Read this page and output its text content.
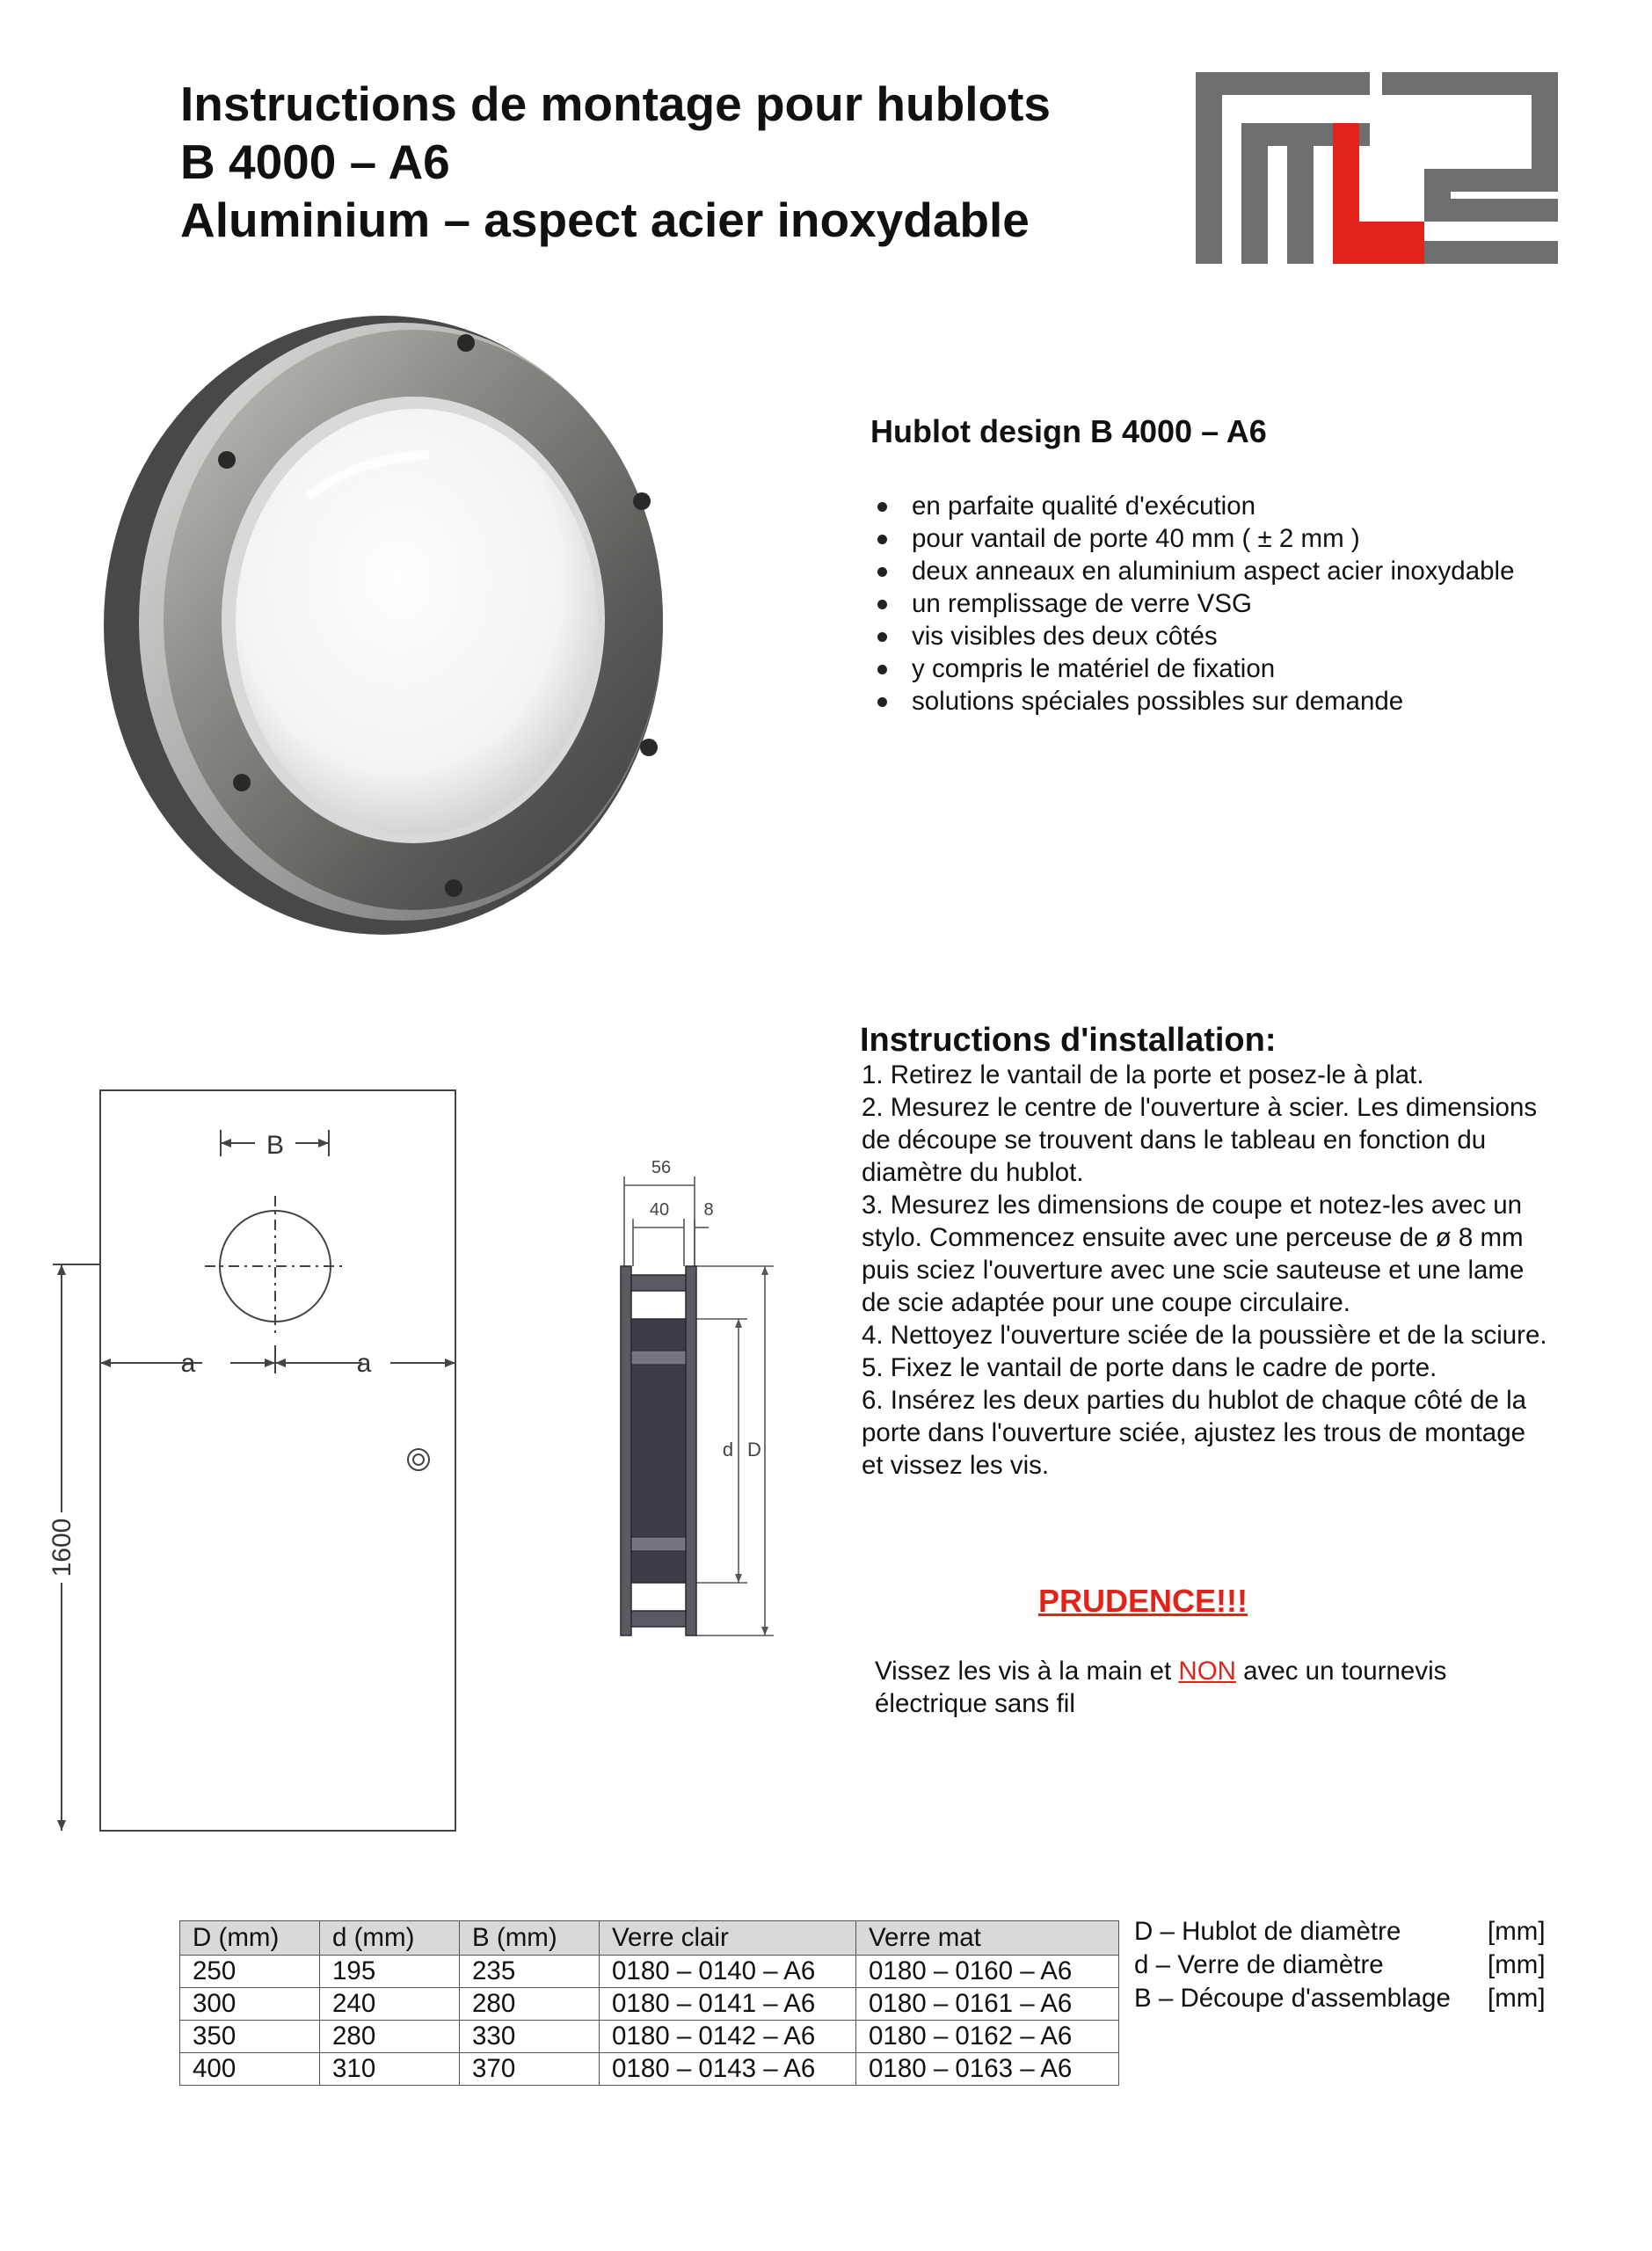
Instructions de montage pour hublots
B 4000 – A6
Aluminium – aspect acier inoxydable
Hublot design B 4000 – A6
en parfaite qualité d'exécution
pour vantail de porte 40 mm ( ± 2 mm )
deux anneaux en aluminium aspect acier inoxydable
un remplissage de verre VSG
vis visibles des deux côtés
y compris le matériel de fixation
solutions spéciales possibles sur demande
Instructions d'installation:

1. Retirez le vantail de la porte et posez-le à plat.

2. Mesurez le centre de l'ouverture à scier. Les dimensions

de découpe se trouvent dans le tableau en fonction du

diamètre du hublot.

3. Mesurez les dimensions de coupe et notez-les avec un

stylo. Commencez ensuite avec une perceuse de ø 8 mm

puis sciez l'ouverture avec une scie sauteuse et une lame

de scie adaptée pour une coupe circulaire.

4. Nettoyez l'ouverture sciée de la poussière et de la sciure.

5. Fixez le vantail de porte dans le cadre de porte.

6. Insérez les deux parties du hublot de chaque côté de la

porte dans l'ouverture sciée, ajustez les trous de montage

et vissez les vis.

PRUDENCE!!!
Vissez les vis à la main et NON avec un tournevis électrique sans fil
B
a	a
1600
56
40 8
d D
D (mm)	d (mm)	B (mm)	Verre clair	Verre mat
250	195	235	0180 – 0140 – A6	0180 – 0160 – A6
300	240	280	0180 – 0141 – A6	0180 – 0161 – A6
350	280	330	0180 – 0142 – A6	0180 – 0162 – A6
400	310	370	0180 – 0143 – A6	0180 – 0163 – A6
D – Hublot de diamètre	[mm]
d – Verre de diamètre	[mm]
B – Découpe d'assemblage	[mm]
